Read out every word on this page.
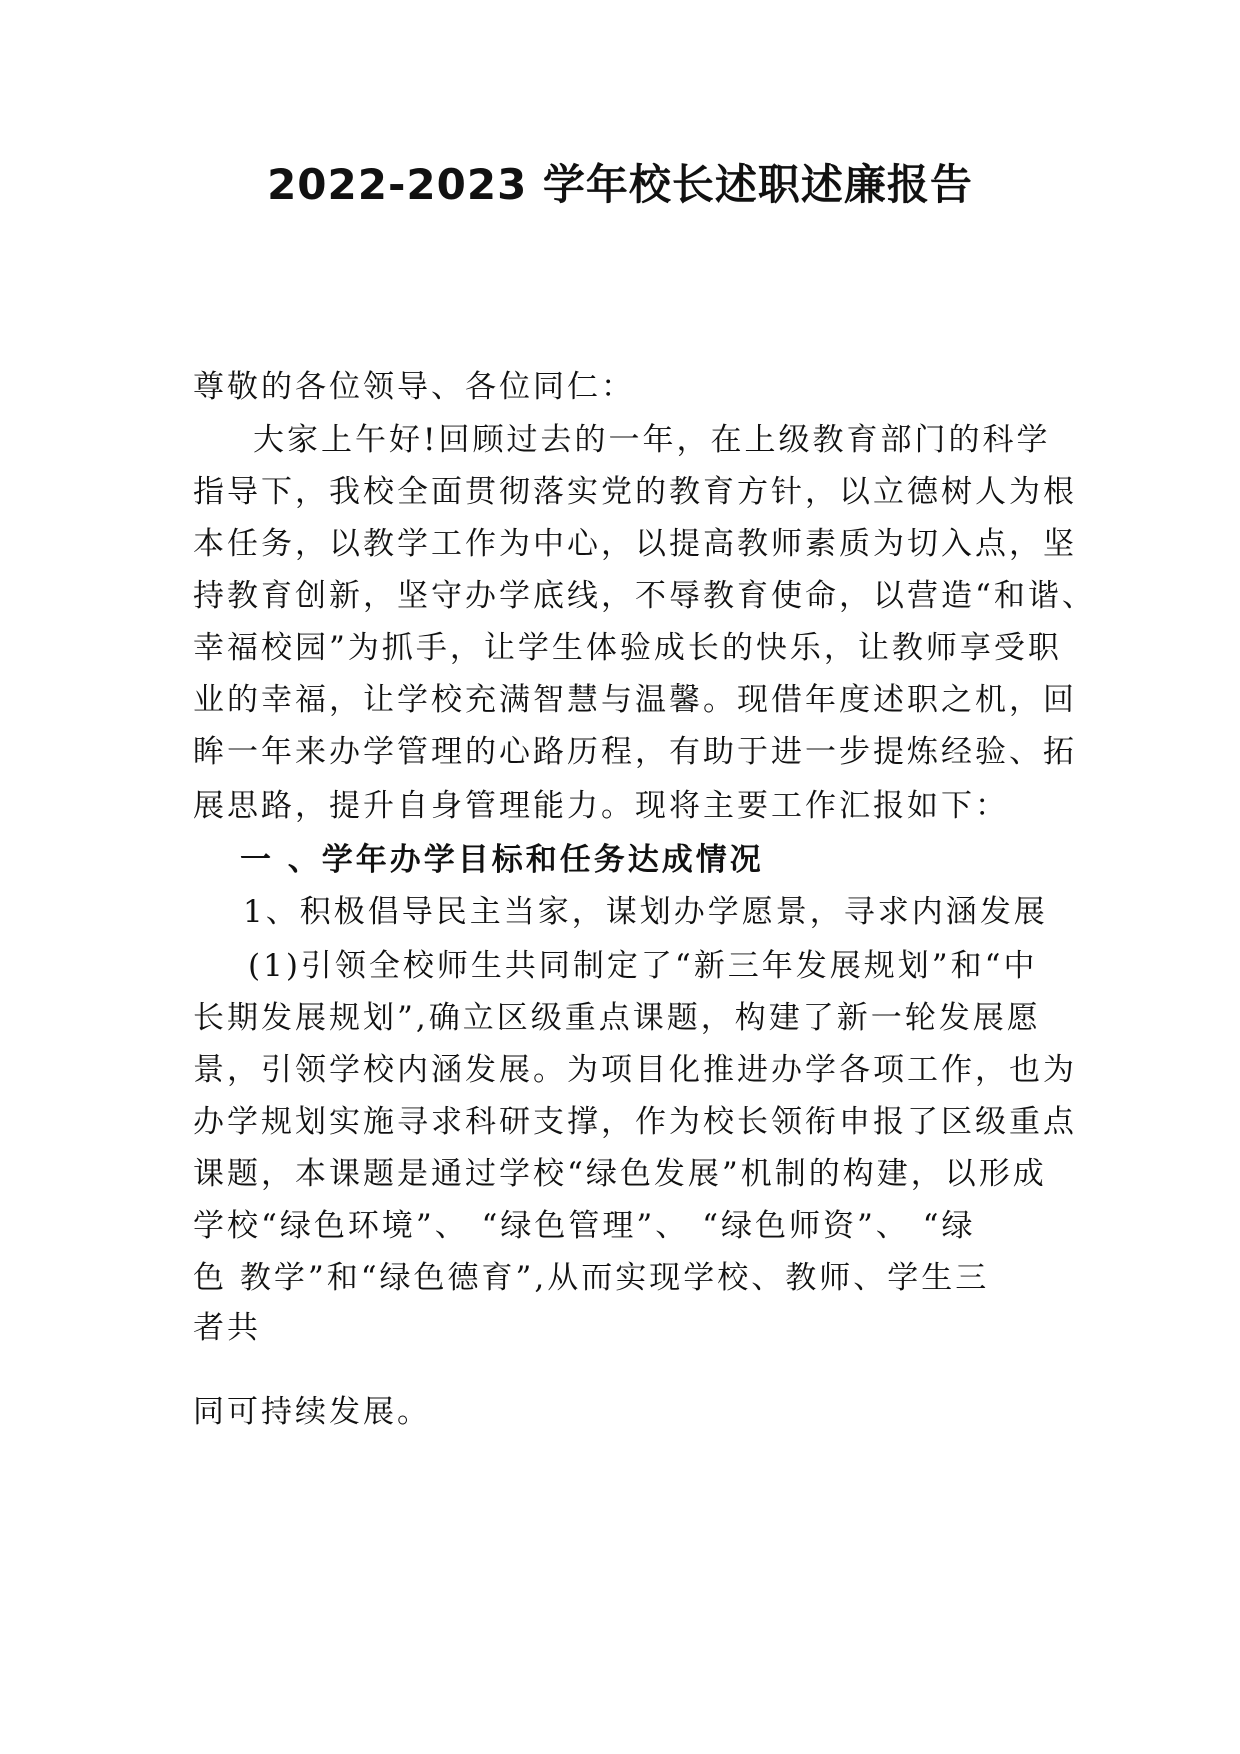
2022-2023 学年校长述职述廉报告

尊敬的各位领导、各位同仁：

大家上午好!回顾过去的一年，在上级教育部门的科学

指导下，我校全面贯彻落实党的教育方针，以立德树人为根

本任务，以教学工作为中心，以提高教师素质为切入点，坚

持教育创新，坚守办学底线，不辱教育使命，以营造“和谐、

幸福校园”为抓手，让学生体验成长的快乐，让教师享受职

业的幸福，让学校充满智慧与温馨。现借年度述职之机，回

眸一年来办学管理的心路历程，有助于进一步提炼经验、拓

展思路，提升自身管理能力。现将主要工作汇报如下：

一 、学年办学目标和任务达成情况

1、积极倡导民主当家，谋划办学愿景，寻求内涵发展

(1)引领全校师生共同制定了“新三年发展规划”和“中

长期发展规划”,确立区级重点课题，构建了新一轮发展愿

景，引领学校内涵发展。为项目化推进办学各项工作，也为

办学规划实施寻求科研支撑，作为校长领衔申报了区级重点

课题，本课题是通过学校“绿色发展”机制的构建，以形成

学校“绿色环境”、 “绿色管理”、 “绿色师资”、 “绿

色 教学”和“绿色德育”,从而实现学校、教师、学生三

者共

同可持续发展。
